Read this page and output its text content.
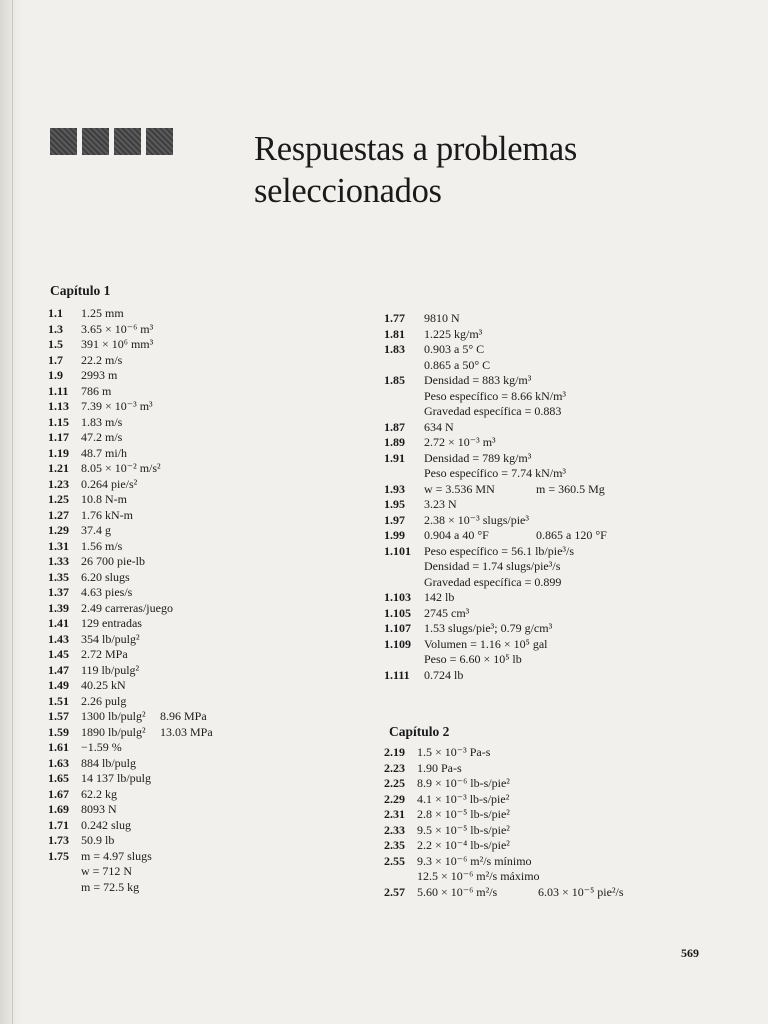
Respuestas a problemas
seleccionados
Capítulo 1
1.1 1.25 mm
1.3 3.65 × 10⁻⁶ m³
1.5 391 × 10⁶ mm³
1.7 22.2 m/s
1.9 2993 m
1.11 786 m
1.13 7.39 × 10⁻³ m³
1.15 1.83 m/s
1.17 47.2 m/s
1.19 48.7 mi/h
1.21 8.05 × 10⁻² m/s²
1.23 0.264 pie/s²
1.25 10.8 N-m
1.27 1.76 kN-m
1.29 37.4 g
1.31 1.56 m/s
1.33 26 700 pie-lb
1.35 6.20 slugs
1.37 4.63 pies/s
1.39 2.49 carreras/juego
1.41 129 entradas
1.43 354 lb/pulg²
1.45 2.72 MPa
1.47 119 lb/pulg²
1.49 40.25 kN
1.51 2.26 pulg
1.57 1300 lb/pulg² 8.96 MPa
1.59 1890 lb/pulg² 13.03 MPa
1.61 −1.59 %
1.63 884 lb/pulg
1.65 14 137 lb/pulg
1.67 62.2 kg
1.69 8093 N
1.71 0.242 slug
1.73 50.9 lb
1.75 m = 4.97 slugs
w = 712 N
m = 72.5 kg
1.77 9810 N
1.81 1.225 kg/m³
1.83 0.903 a 5° C
0.865 a 50° C
1.85 Densidad = 883 kg/m³
Peso específico = 8.66 kN/m³
Gravedad específica = 0.883
1.87 634 N
1.89 2.72 × 10⁻³ m³
1.91 Densidad = 789 kg/m³
Peso específico = 7.74 kN/m³
1.93 w = 3.536 MN	m = 360.5 Mg
1.95 3.23 N
1.97 2.38 × 10⁻³ slugs/pie³
1.99 0.904 a 40 °F	0.865 a 120 °F
1.101 Peso específico = 56.1 lb/pie³/s
Densidad = 1.74 slugs/pie³/s
Gravedad específica = 0.899
1.103 142 lb
1.105 2745 cm³
1.107 1.53 slugs/pie³; 0.79 g/cm³
1.109 Volumen = 1.16 × 10⁵ gal
Peso = 6.60 × 10⁵ lb
1.111 0.724 lb
Capítulo 2
2.19 1.5 × 10⁻³ Pa-s
2.23 1.90 Pa-s
2.25 8.9 × 10⁻⁶ lb-s/pie²
2.29 4.1 × 10⁻³ lb-s/pie²
2.31 2.8 × 10⁻⁵ lb-s/pie²
2.33 9.5 × 10⁻⁵ lb-s/pie²
2.35 2.2 × 10⁻⁴ lb-s/pie²
2.55 9.3 × 10⁻⁶ m²/s mínimo
12.5 × 10⁻⁶ m²/s máximo
2.57 5.60 × 10⁻⁶ m²/s	6.03 × 10⁻⁵ pie²/s
569
